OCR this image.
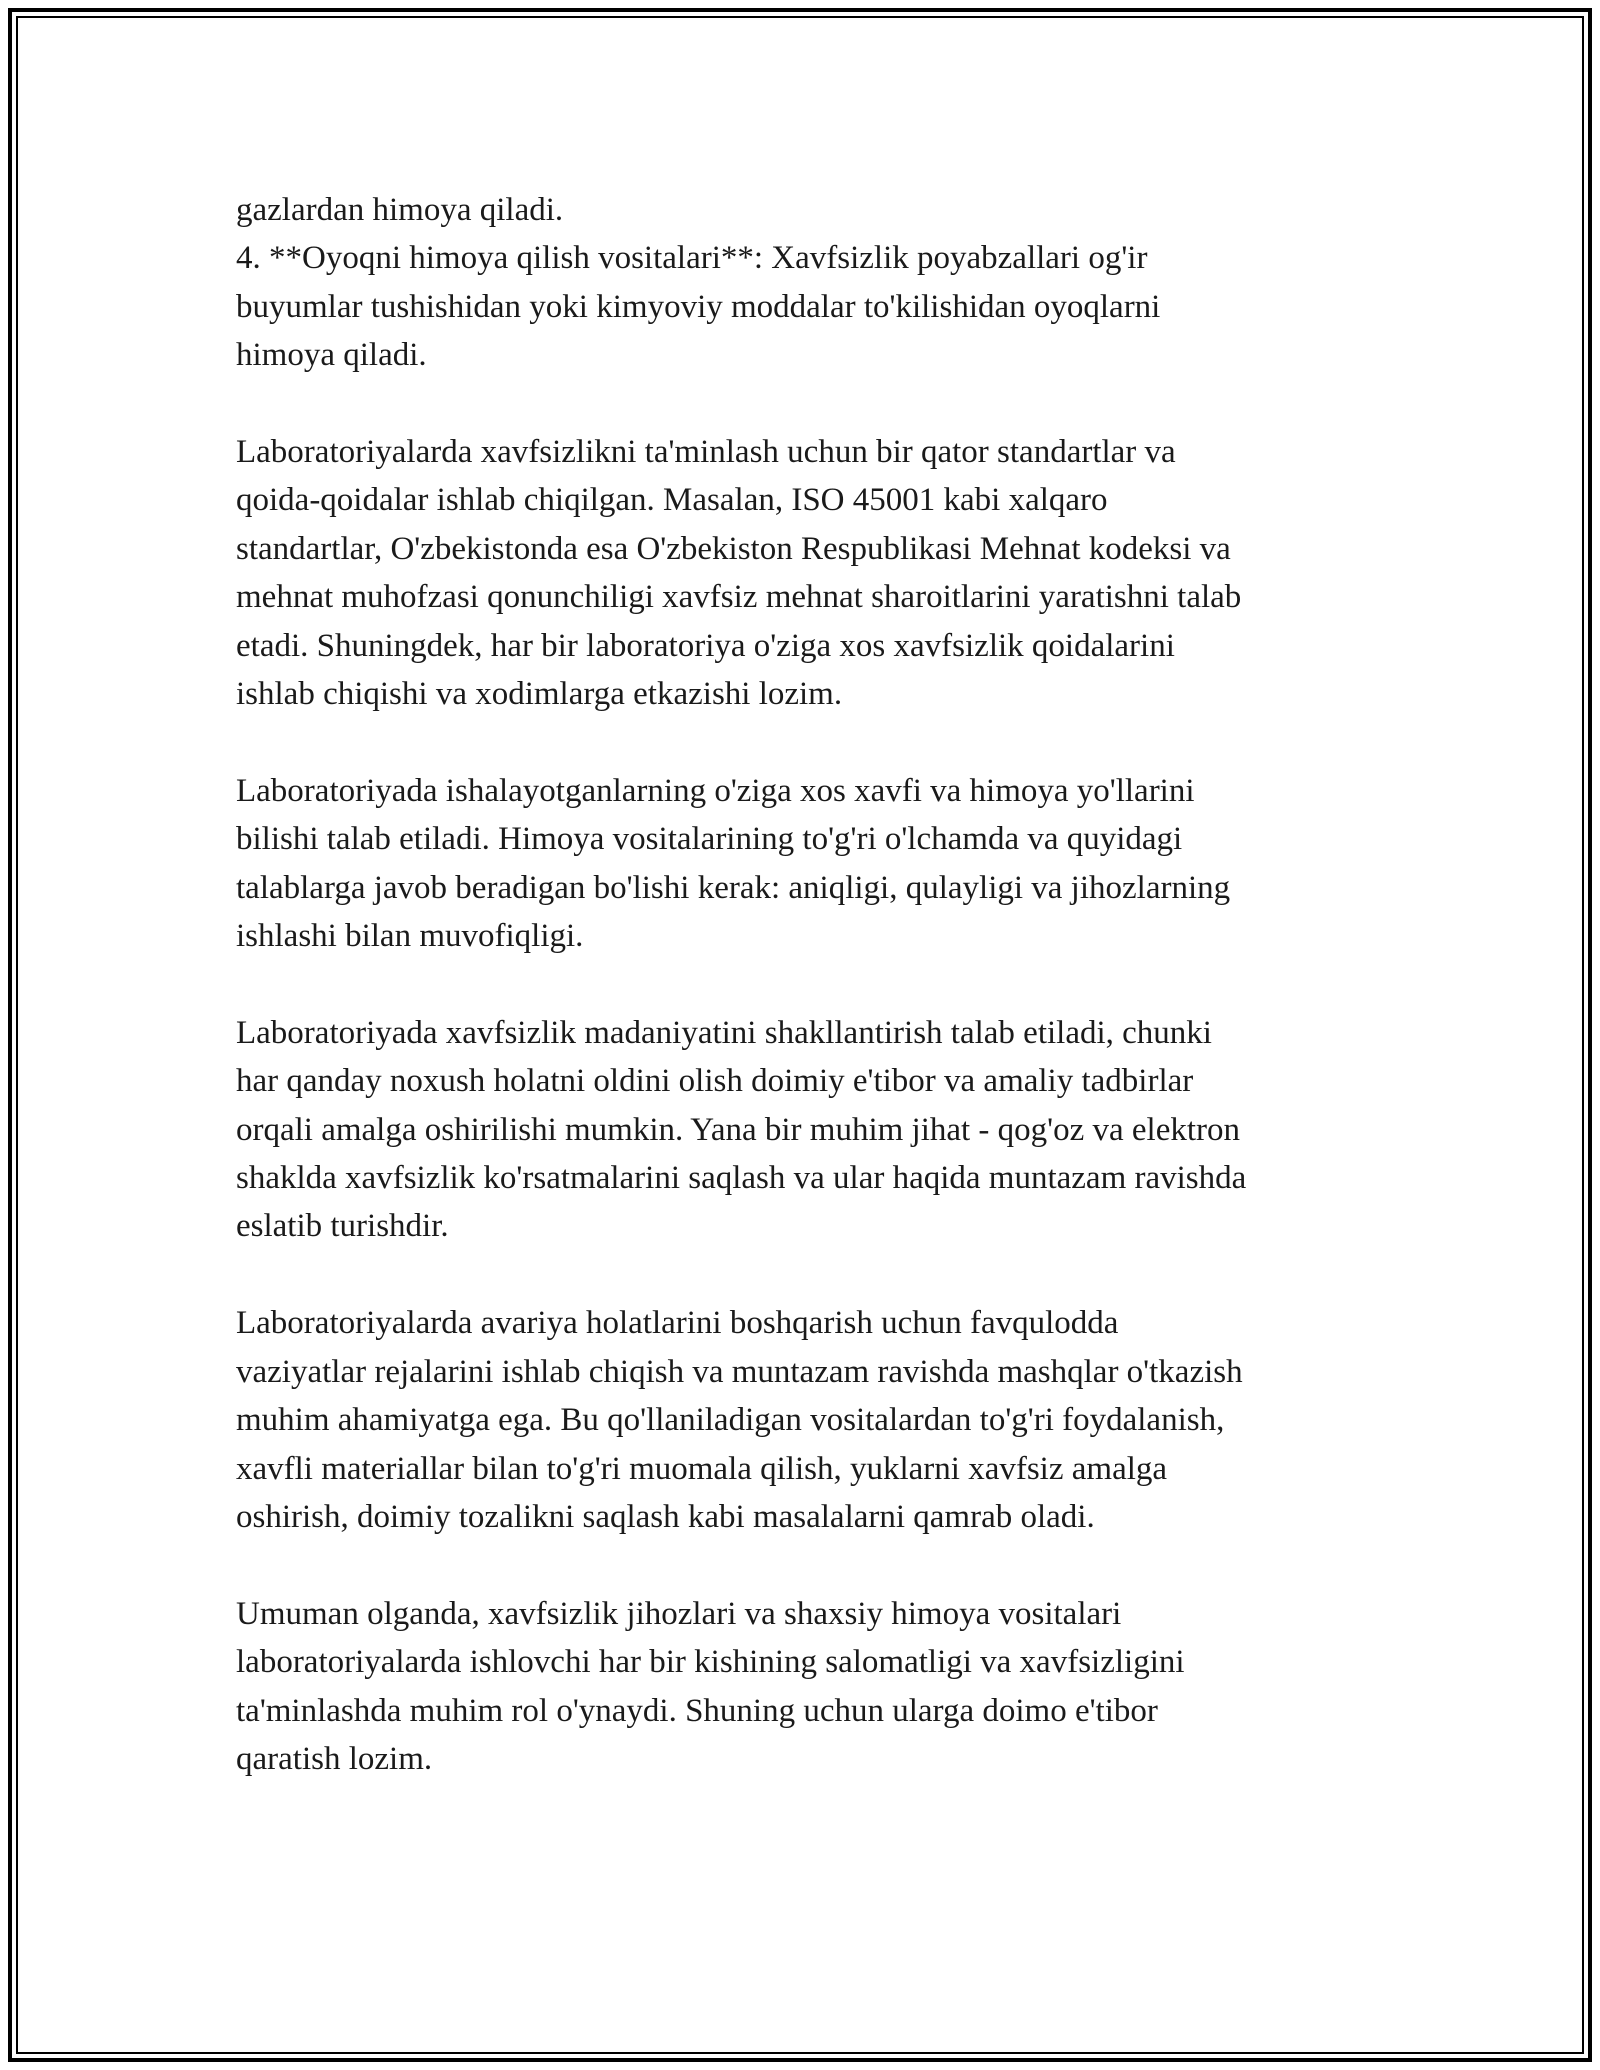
gazlardan himoya qiladi.
4. **Oyoqni himoya qilish vositalari**: Xavfsizlik poyabzallari og'ir
buyumlar tushishidan yoki kimyoviy moddalar to'kilishidan oyoqlarni
himoya qiladi.

Laboratoriyalarda xavfsizlikni ta'minlash uchun bir qator standartlar va
qoida-qoidalar ishlab chiqilgan. Masalan, ISO 45001 kabi xalqaro
standartlar, O'zbekistonda esa O'zbekiston Respublikasi Mehnat kodeksi va
mehnat muhofzasi qonunchiligi xavfsiz mehnat sharoitlarini yaratishni talab
etadi. Shuningdek, har bir laboratoriya o'ziga xos xavfsizlik qoidalarini
ishlab chiqishi va xodimlarga etkazishi lozim.

Laboratoriyada ishalayotganlarning o'ziga xos xavfi va himoya yo'llarini
bilishi talab etiladi. Himoya vositalarining to'g'ri o'lchamda va quyidagi
talablarga javob beradigan bo'lishi kerak: aniqligi, qulayligi va jihozlarning
ishlashi bilan muvofiqligi.

Laboratoriyada xavfsizlik madaniyatini shakllantirish talab etiladi, chunki
har qanday noxush holatni oldini olish doimiy e'tibor va amaliy tadbirlar
orqali amalga oshirilishi mumkin. Yana bir muhim jihat - qog'oz va elektron
shaklda xavfsizlik ko'rsatmalarini saqlash va ular haqida muntazam ravishda
eslatib turishdir.

Laboratoriyalarda avariya holatlarini boshqarish uchun favqulodda
vaziyatlar rejalarini ishlab chiqish va muntazam ravishda mashqlar o'tkazish
muhim ahamiyatga ega. Bu qo'llaniladigan vositalardan to'g'ri foydalanish,
xavfli materiallar bilan to'g'ri muomala qilish, yuklarni xavfsiz amalga
oshirish, doimiy tozalikni saqlash kabi masalalarni qamrab oladi.

Umuman olganda, xavfsizlik jihozlari va shaxsiy himoya vositalari
laboratoriyalarda ishlovchi har bir kishining salomatligi va xavfsizligini
ta'minlashda muhim rol o'ynaydi. Shuning uchun ularga doimo e'tibor
qaratish lozim.
